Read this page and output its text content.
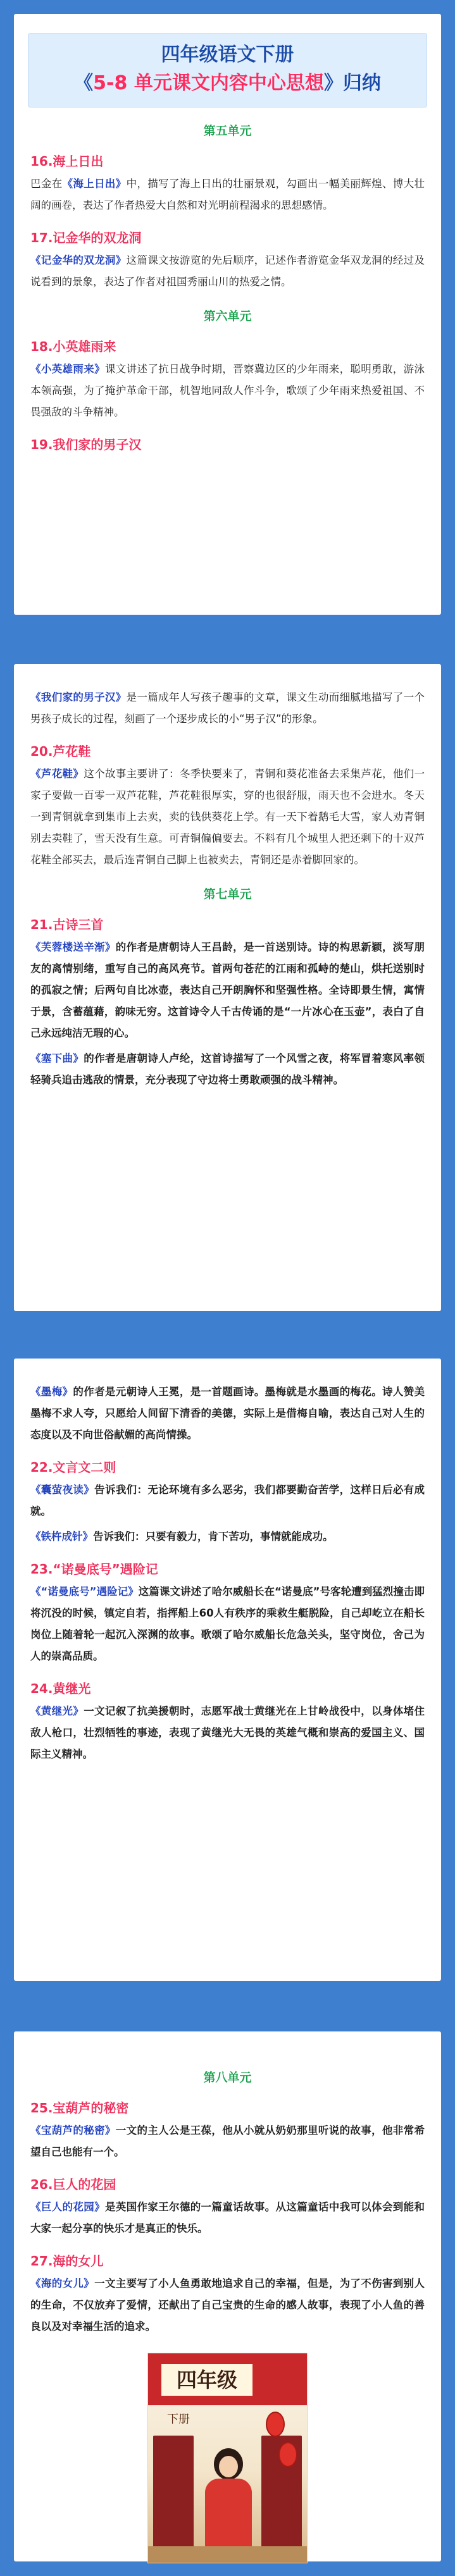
四年级语文下册
《5-8 单元课文内容中心思想》归纳
第五单元
16.海上日出

巴金在《海上日出》中，描写了海上日出的壮丽景观，勾画出一幅美丽辉煌、博大壮阔的画卷，表达了作者热爱大自然和对光明前程渴求的思想感情。

17.记金华的双龙洞

《记金华的双龙洞》这篇课文按游览的先后顺序，记述作者游览金华双龙洞的经过及说看到的景象，表达了作者对祖国秀丽山川的热爱之情。

第六单元
18.小英雄雨来

《小英雄雨来》课文讲述了抗日战争时期，晋察冀边区的少年雨来，聪明勇敢，游泳本领高强，为了掩护革命干部，机智地同敌人作斗争，歌颂了少年雨来热爱祖国、不畏强敌的斗争精神。

19.我们家的男子汉

《我们家的男子汉》是一篇成年人写孩子趣事的文章，课文生动而细腻地描写了一个男孩子成长的过程，刻画了一个逐步成长的小“男子汉”的形象。

20.芦花鞋

《芦花鞋》这个故事主要讲了：冬季快要来了，青铜和葵花准备去采集芦花，他们一家子要做一百零一双芦花鞋，芦花鞋很厚实，穿的也很舒服，雨天也不会进水。冬天一到青铜就拿到集市上去卖，卖的钱供葵花上学。有一天下着鹅毛大雪，家人劝青铜别去卖鞋了，雪天没有生意。可青铜偏偏要去。不料有几个城里人把还剩下的十双芦花鞋全部买去，最后连青铜自己脚上也被卖去，青铜还是赤着脚回家的。

第七单元
21.古诗三首

《芙蓉楼送辛渐》的作者是唐朝诗人王昌龄，是一首送别诗。诗的构思新颖，淡写朋友的离情别绪，重写自己的高风亮节。首两句苍茫的江雨和孤峙的楚山，烘托送别时的孤寂之情；后两句自比冰壶，表达自己开朗胸怀和坚强性格。全诗即景生情，寓情于景，含蓄蕴藉，韵味无穷。这首诗令人千古传诵的是“一片冰心在玉壶”，表白了自己永远纯洁无瑕的心。

《塞下曲》的作者是唐朝诗人卢纶，这首诗描写了一个风雪之夜，将军冒着寒风率领轻骑兵追击逃敌的情景，充分表现了守边将士勇敢顽强的战斗精神。

《墨梅》的作者是元朝诗人王冕，是一首题画诗。墨梅就是水墨画的梅花。诗人赞美墨梅不求人夸，只愿给人间留下清香的美德，实际上是借梅自喻，表达自己对人生的态度以及不向世俗献媚的高尚情操。

22.文言文二则

《囊萤夜读》告诉我们：无论环境有多么恶劣，我们都要勤奋苦学，这样日后必有成就。

《铁杵成针》告诉我们：只要有毅力，肯下苦功，事情就能成功。

23.“诺曼底号”遇险记

《“诺曼底号”遇险记》这篇课文讲述了哈尔威船长在“诺曼底”号客轮遭到猛烈撞击即将沉没的时候，镇定自若，指挥船上60人有秩序的乘救生艇脱险，自己却屹立在船长岗位上随着轮一起沉入深渊的故事。歌颂了哈尔威船长危急关头，坚守岗位，舍己为人的崇高品质。

24.黄继光

《黄继光》一文记叙了抗美援朝时，志愿军战士黄继光在上甘岭战役中，以身体堵住敌人枪口，壮烈牺牲的事迹，表现了黄继光大无畏的英雄气概和崇高的爱国主义、国际主义精神。

第八单元
25.宝葫芦的秘密

《宝葫芦的秘密》一文的主人公是王葆，他从小就从奶奶那里听说的故事，他非常希望自己也能有一个。

26.巨人的花园

《巨人的花园》是英国作家王尔德的一篇童话故事。从这篇童话中我可以体会到能和大家一起分享的快乐才是真正的快乐。

27.海的女儿

《海的女儿》一文主要写了小人鱼勇敢地追求自己的幸福，但是，为了不伤害到别人的生命，不仅放弃了爱情，还献出了自己宝贵的生命的感人故事，表现了小人鱼的善良以及对幸福生活的追求。

四年级
下册
